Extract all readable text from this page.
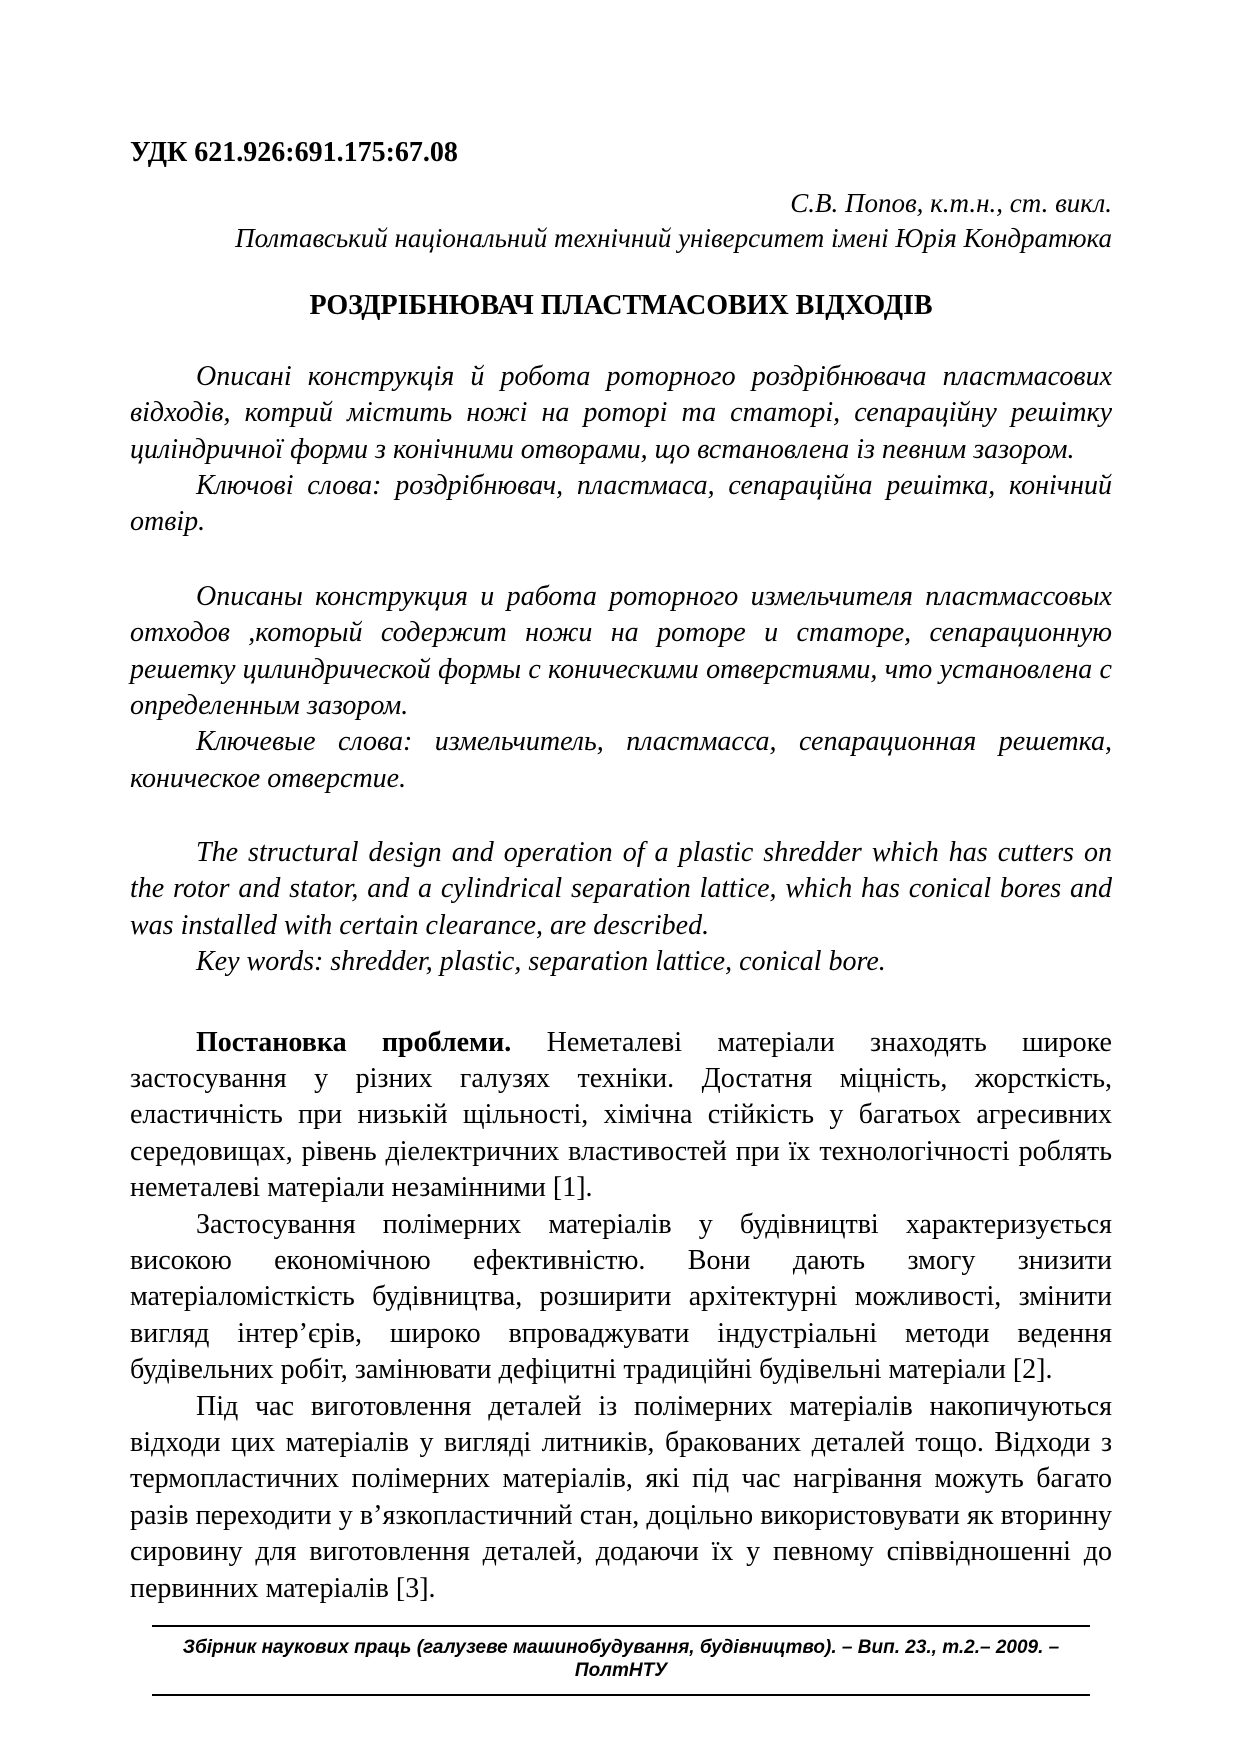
УДК 621.926:691.175:67.08
С.В. Попов, к.т.н., ст. викл.
Полтавський національний технічний університет імені Юрія Кондратюка
РОЗДРІБНЮВАЧ ПЛАСТМАСОВИХ ВІДХОДІВ

Описані конструкція й робота роторного роздрібнювача пластмасових відходів, котрий містить ножі на роторі та статорі, сепараційну решітку циліндричної форми з конічними отворами, що встановлена із певним зазором.

Ключові слова: роздрібнювач, пластмаса, сепараційна решітка, конічний отвір.

Описаны конструкция и работа роторного измельчителя пластмассовых отходов ,который содержит ножи на роторе и статоре, сепарационную решетку цилиндрической формы с коническими отверстиями, что установлена с определенным зазором.

Ключевые слова: измельчитель, пластмасса, сепарационная решетка, коническое отверстие.

The structural design and operation of a plastic shredder which has cutters on the rotor and stator, and a cylindrical separation lattice, which has conical bores and was installed with certain clearance, are described.

Key words: shredder, plastic, separation lattice, conical bore.

Постановка проблеми. Неметалеві матеріали знаходять широке застосування у різних галузях техніки. Достатня міцність, жорсткість, еластичність при низькій щільності, хімічна стійкість у багатьох агресивних середовищах, рівень діелектричних властивостей при їх технологічності роблять неметалеві матеріали незамінними [1].

Застосування полімерних матеріалів у будівництві характеризується високою економічною ефективністю. Вони дають змогу знизити матеріаломісткість будівництва, розширити архітектурні можливості, змінити вигляд інтер’єрів, широко впроваджувати індустріальні методи ведення будівельних робіт, замінювати дефіцитні традиційні будівельні матеріали [2].

Під час виготовлення деталей із полімерних матеріалів накопичуються відходи цих матеріалів у вигляді литників, бракованих деталей тощо. Відходи з термопластичних полімерних матеріалів, які під час нагрівання можуть багато разів переходити у в’язкопластичний стан, доцільно використовувати як вторинну сировину для виготовлення деталей, додаючи їх у певному співвідношенні до первинних матеріалів [3].

Збірник наукових праць (галузеве машинобудування, будівництво). – Вип. 23., т.2.– 2009. – ПолтНТУ
